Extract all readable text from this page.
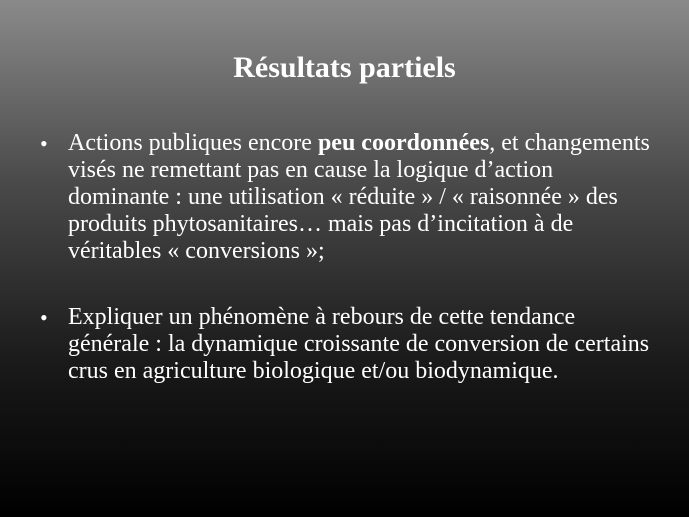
Résultats partiels
• Actions publiques encore peu coordonnées, et changements visés ne remettant pas en cause la logique d’action dominante : une utilisation « réduite » / « raisonnée » des produits phytosanitaires… mais pas d’incitation à de véritables « conversions »;
• Expliquer un phénomène à rebours de cette tendance générale : la dynamique croissante de conversion de certains crus en agriculture biologique et/ou biodynamique.
